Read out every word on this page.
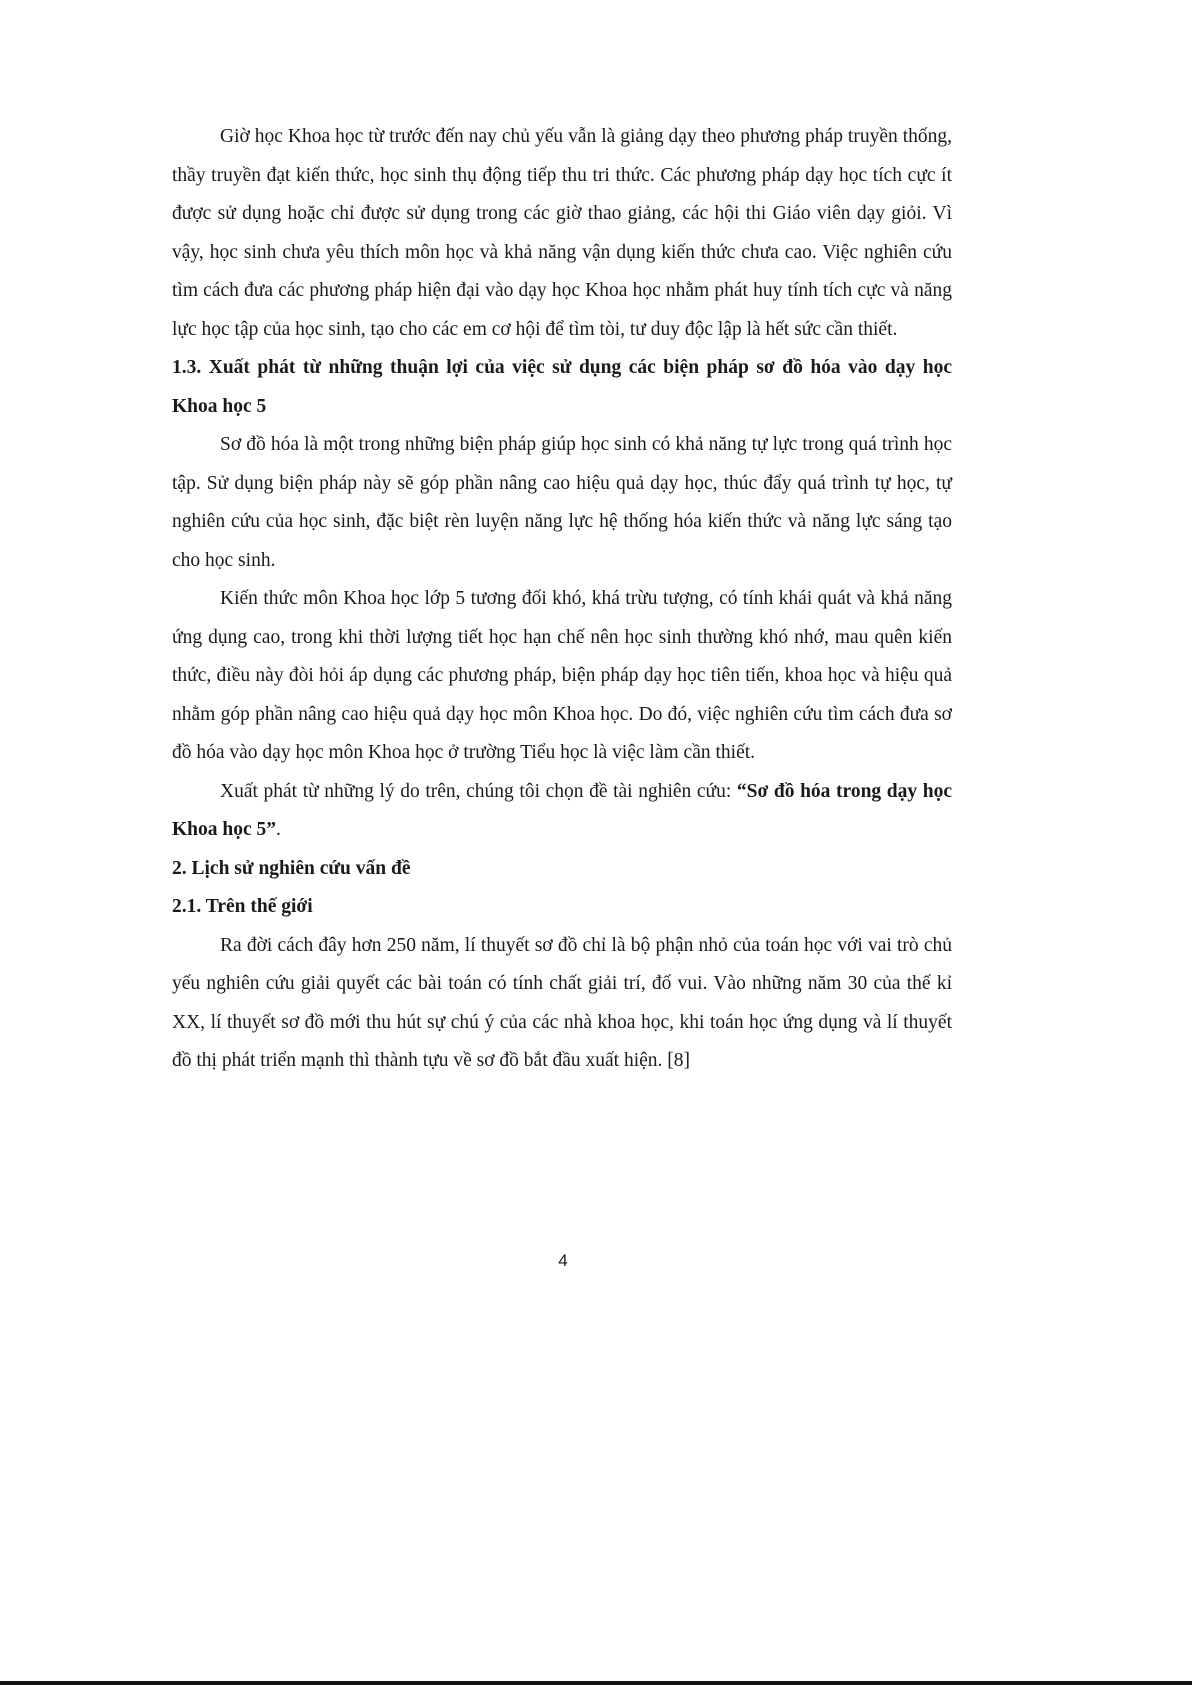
Giờ học Khoa học từ trước đến nay chủ yếu vẫn là giảng dạy theo phương pháp truyền thống, thầy truyền đạt kiến thức, học sinh thụ động tiếp thu tri thức. Các phương pháp dạy học tích cực ít được sử dụng hoặc chỉ được sử dụng trong các giờ thao giảng, các hội thi Giáo viên dạy giỏi. Vì vậy, học sinh chưa yêu thích môn học và khả năng vận dụng kiến thức chưa cao. Việc nghiên cứu tìm cách đưa các phương pháp hiện đại vào dạy học Khoa học nhằm phát huy tính tích cực và năng lực học tập của học sinh, tạo cho các em cơ hội để tìm tòi, tư duy độc lập là hết sức cần thiết.

1.3. Xuất phát từ những thuận lợi của việc sử dụng các biện pháp sơ đồ hóa vào dạy học Khoa học 5

Sơ đồ hóa là một trong những biện pháp giúp học sinh có khả năng tự lực trong quá trình học tập. Sử dụng biện pháp này sẽ góp phần nâng cao hiệu quả dạy học, thúc đẩy quá trình tự học, tự nghiên cứu của học sinh, đặc biệt rèn luyện năng lực hệ thống hóa kiến thức và năng lực sáng tạo cho học sinh.

Kiến thức môn Khoa học lớp 5 tương đối khó, khá trừu tượng, có tính khái quát và khả năng ứng dụng cao, trong khi thời lượng tiết học hạn chế nên học sinh thường khó nhớ, mau quên kiến thức, điều này đòi hỏi áp dụng các phương pháp, biện pháp dạy học tiên tiến, khoa học và hiệu quả nhằm góp phần nâng cao hiệu quả dạy học môn Khoa học. Do đó, việc nghiên cứu tìm cách đưa sơ đồ hóa vào dạy học môn Khoa học ở trường Tiểu học là việc làm cần thiết.

Xuất phát từ những lý do trên, chúng tôi chọn đề tài nghiên cứu: “Sơ đồ hóa trong dạy học Khoa học 5”.

2. Lịch sử nghiên cứu vấn đề

2.1. Trên thế giới

Ra đời cách đây hơn 250 năm, lí thuyết sơ đồ chỉ là bộ phận nhỏ của toán học với vai trò chủ yếu nghiên cứu giải quyết các bài toán có tính chất giải trí, đố vui. Vào những năm 30 của thế kỉ XX, lí thuyết sơ đồ mới thu hút sự chú ý của các nhà khoa học, khi toán học ứng dụng và lí thuyết đồ thị phát triển mạnh thì thành tựu về sơ đồ bắt đầu xuất hiện. [8]

4
